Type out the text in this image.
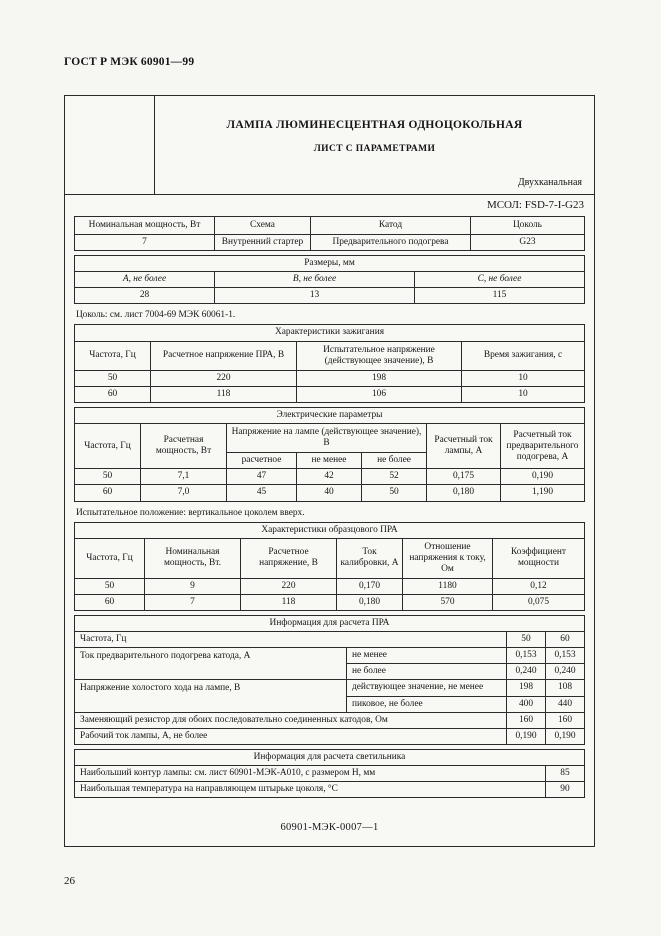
ГОСТ Р МЭК 60901—99
ЛАМПА ЛЮМИНЕСЦЕНТНАЯ ОДНОЦОКОЛЬНАЯ
ЛИСТ С ПАРАМЕТРАМИ
Двухканальная
МСОЛ: FSD-7-I-G23
Номинальная мощность, Вт	Схема	Катод	Цоколь
7	Внутренний стартер	Предварительного подогрева	G23
Размеры, мм		
А, не более	В, не более	С, не более
28	13	115
Цоколь: см. лист 7004-69 МЭК 60061-1.
Характеристики зажигания			
Частота, Гц	Расчетное напряжение ПРА, В	Испытательное напряжение (действующее значение), В	Время зажигания, с
50	220	198	10
60	118	106	10
Электрические параметры						
Частота, Гц	Расчетная мощность, Вт	Напряжение на лампе (действующее значение), В			Расчетный ток лампы, А	Расчетный ток предварительного подогрева, А
		расчетное	не менее	не более		
50	7,1	47	42	52	0,175	0,190
60	7,0	45	40	50	0,180	1,190
Испытательное положение: вертикальное цоколем вверх.
Характеристики образцового ПРА					
Частота, Гц	Номинальная мощность, Вт.	Расчетное напряжение, В	Ток калибровки, А	Отношение напряжения к току, Ом	Коэффициент мощности
50	9	220	0,170	1180	0,12
60	7	118	0,180	570	0,075
Информация для расчета ПРА			
Частота, Гц		50	60
Ток предварительного подогрева катода, А	не менее	0,153	0,153
	не более	0,240	0,240
Напряжение холостого хода на лампе, В	действующее значение, не менее	198	108
	пиковое, не более	400	440
Заменяющий резистор для обоих последовательно соединенных катодов, Ом		160	160
Рабочий ток лампы, А, не более		0,190	0,190
Информация для расчета светильника	
Наибольший контур лампы: см. лист 60901-МЭК-А010, с размером H, мм	85
Наибольшая температура на направляющем штырьке цоколя, °С	90
60901-МЭК-0007—1
26
